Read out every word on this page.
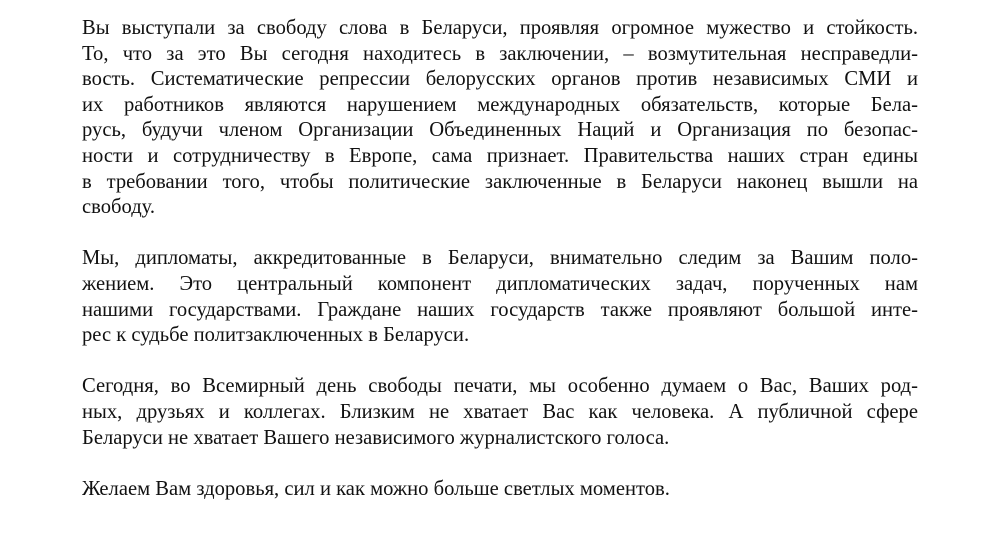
Вы выступали за свободу слова в Беларуси, проявляя огромное мужество и стойкость.
То, что за это Вы сегодня находитесь в заключении, – возмутительная несправедли-
вость. Систематические репрессии белорусских органов против независимых СМИ и
их работников являются нарушением международных обязательств, которые Бела-
русь, будучи членом Организации Объединенных Наций и Организация по безопас-
ности и сотрудничеству в Европе, сама признает. Правительства наших стран едины
в требовании того, чтобы политические заключенные в Беларуси наконец вышли на
свободу.

Мы, дипломаты, аккредитованные в Беларуси, внимательно следим за Вашим поло-
жением. Это центральный компонент дипломатических задач, порученных нам
нашими государствами. Граждане наших государств также проявляют большой инте-
рес к судьбе политзаключенных в Беларуси.

Сегодня, во Всемирный день свободы печати, мы особенно думаем о Вас, Ваших род-
ных, друзьях и коллегах. Близким не хватает Вас как человека. А публичной сфере
Беларуси не хватает Вашего независимого журналистского голоса.

Желаем Вам здоровья, сил и как можно больше светлых моментов.
